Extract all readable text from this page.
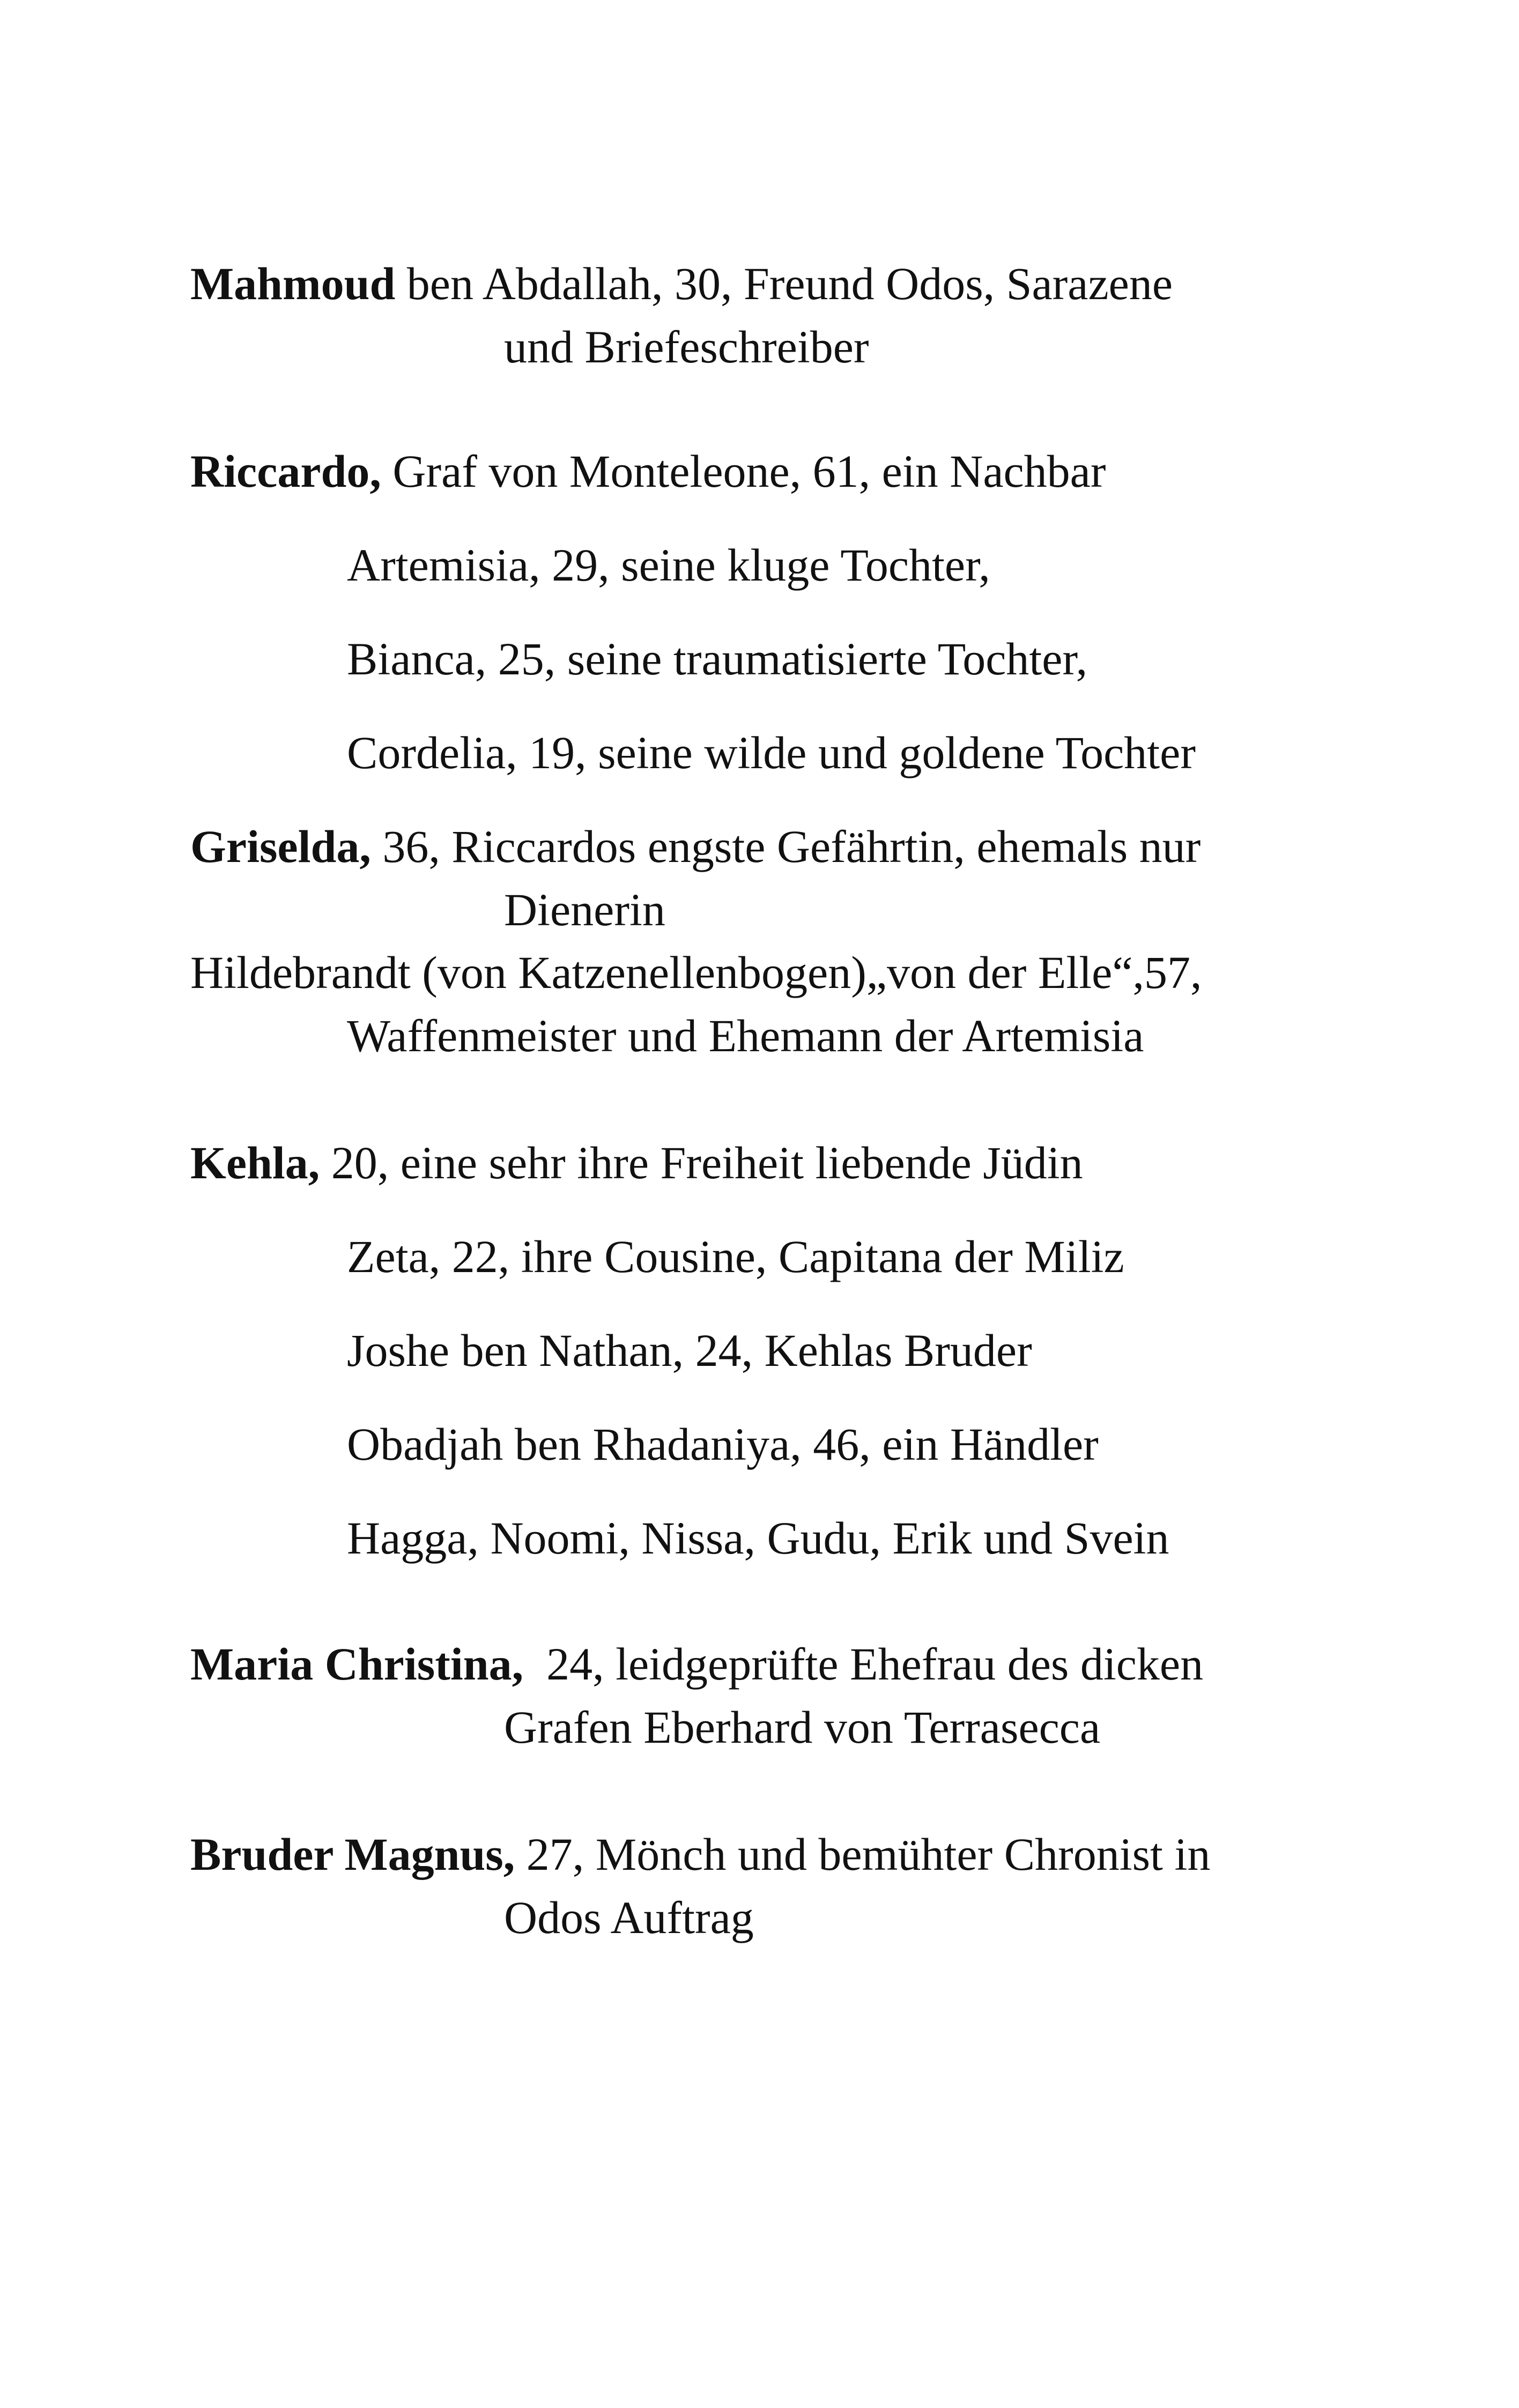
Mahmoud ben Abdallah, 30, Freund Odos, Sarazene
und Briefeschreiber
Riccardo, Graf von Monteleone, 61, ein Nachbar
Artemisia, 29, seine kluge Tochter,
Bianca, 25, seine traumatisierte Tochter,
Cordelia, 19, seine wilde und goldene Tochter
Griselda, 36, Riccardos engste Gefährtin, ehemals nur
Dienerin
Hildebrandt (von Katzenellenbogen)„von der Elle“,57,
Waffenmeister und Ehemann der Artemisia
Kehla, 20, eine sehr ihre Freiheit liebende Jüdin
Zeta, 22, ihre Cousine, Capitana der Miliz
Joshe ben Nathan, 24, Kehlas Bruder
Obadjah ben Rhadaniya, 46, ein Händler
Hagga, Noomi, Nissa, Gudu, Erik und Svein
Maria Christina,  24, leidgeprüfte Ehefrau des dicken
Grafen Eberhard von Terrasecca
Bruder Magnus, 27, Mönch und bemühter Chronist in
Odos Auftrag
